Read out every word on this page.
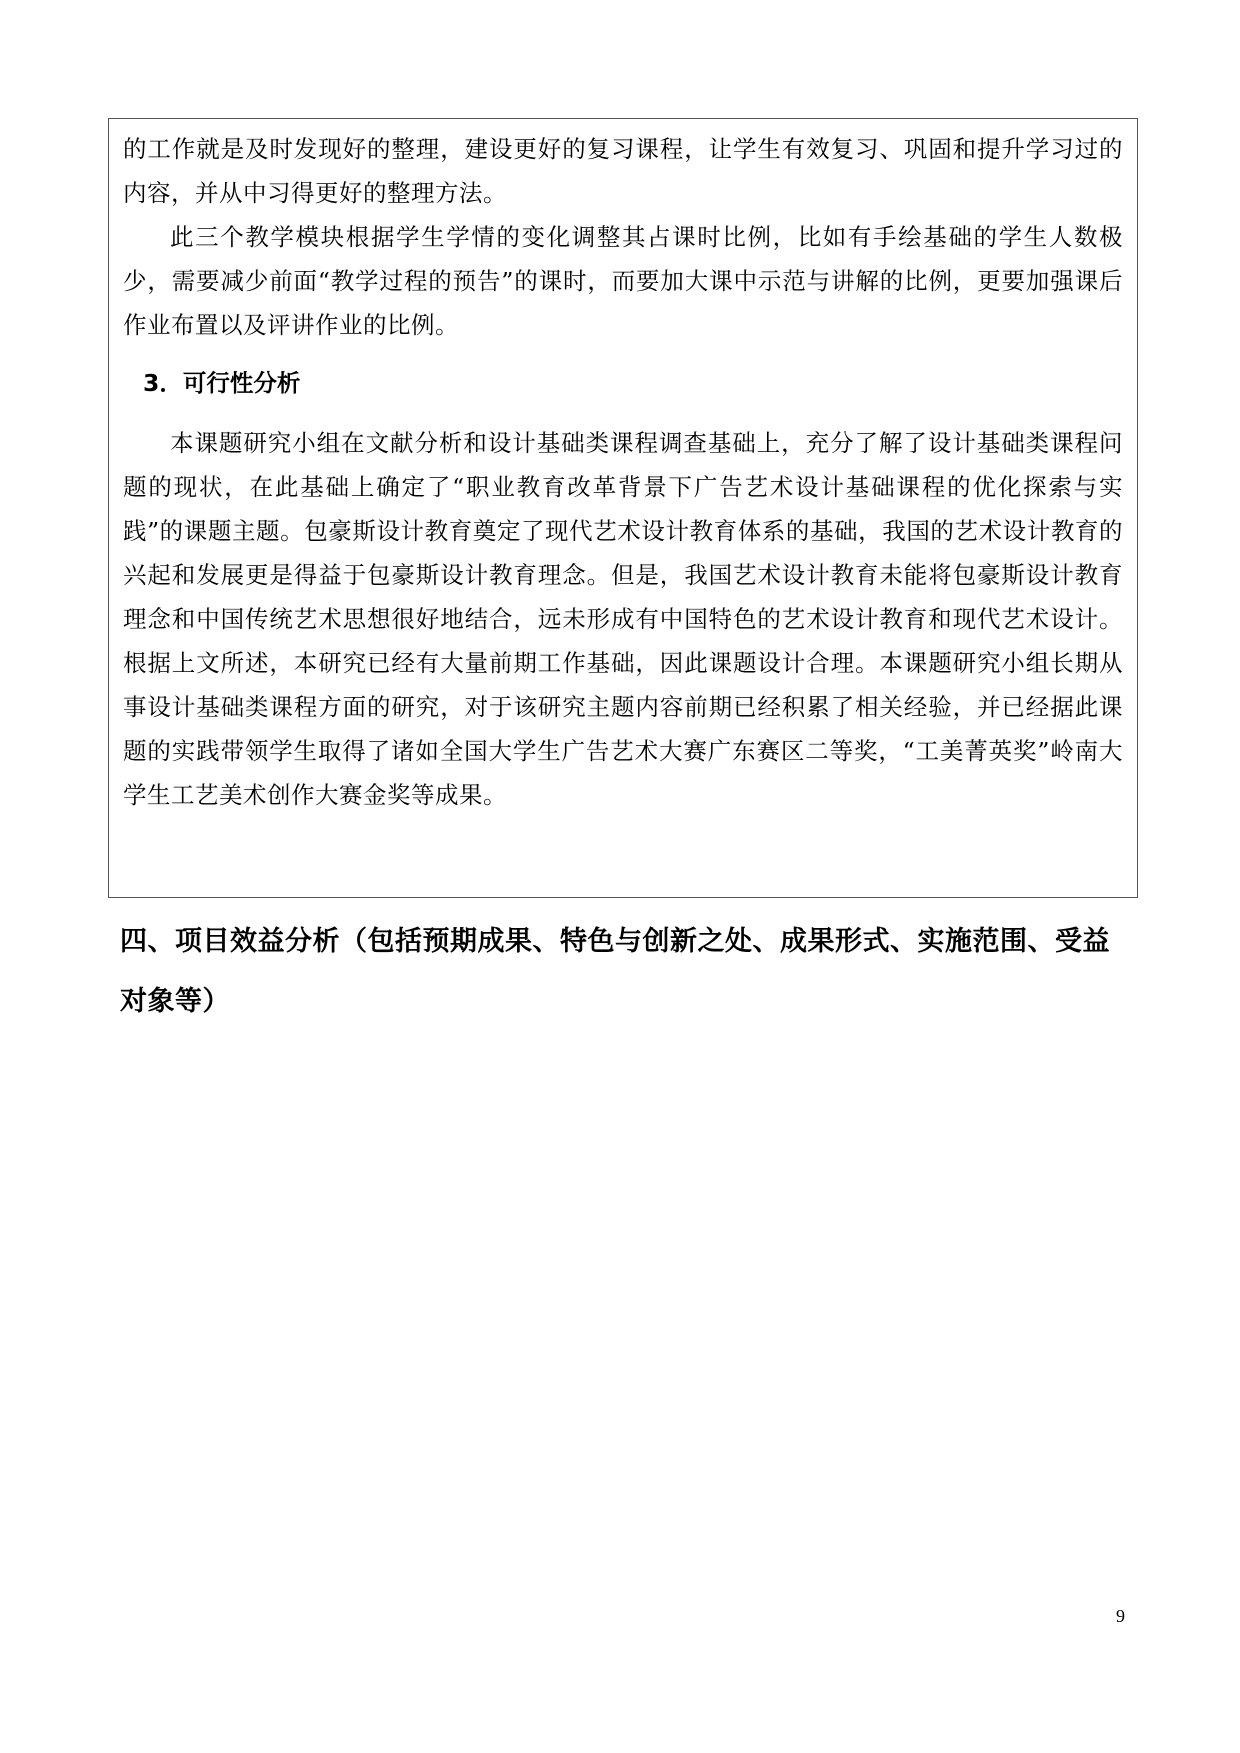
的工作就是及时发现好的整理，建设更好的复习课程，让学生有效复习、巩固和提升学习过的内容，并从中习得更好的整理方法。

此三个教学模块根据学生学情的变化调整其占课时比例，比如有手绘基础的学生人数极少，需要减少前面“教学过程的预告”的课时，而要加大课中示范与讲解的比例，更要加强课后作业布置以及评讲作业的比例。

3．可行性分析

本课题研究小组在文献分析和设计基础类课程调查基础上，充分了解了设计基础类课程问题的现状，在此基础上确定了“职业教育改革背景下广告艺术设计基础课程的优化探索与实践”的课题主题。包豪斯设计教育奠定了现代艺术设计教育体系的基础，我国的艺术设计教育的兴起和发展更是得益于包豪斯设计教育理念。但是，我国艺术设计教育未能将包豪斯设计教育理念和中国传统艺术思想很好地结合，远未形成有中国特色的艺术设计教育和现代艺术设计。根据上文所述，本研究已经有大量前期工作基础，因此课题设计合理。本课题研究小组长期从事设计基础类课程方面的研究，对于该研究主题内容前期已经积累了相关经验，并已经据此课题的实践带领学生取得了诸如全国大学生广告艺术大赛广东赛区二等奖，“工美菁英奖”岭南大学生工艺美术创作大赛金奖等成果。

四、项目效益分析（包括预期成果、特色与创新之处、成果形式、实施范围、受益对象等）

9
